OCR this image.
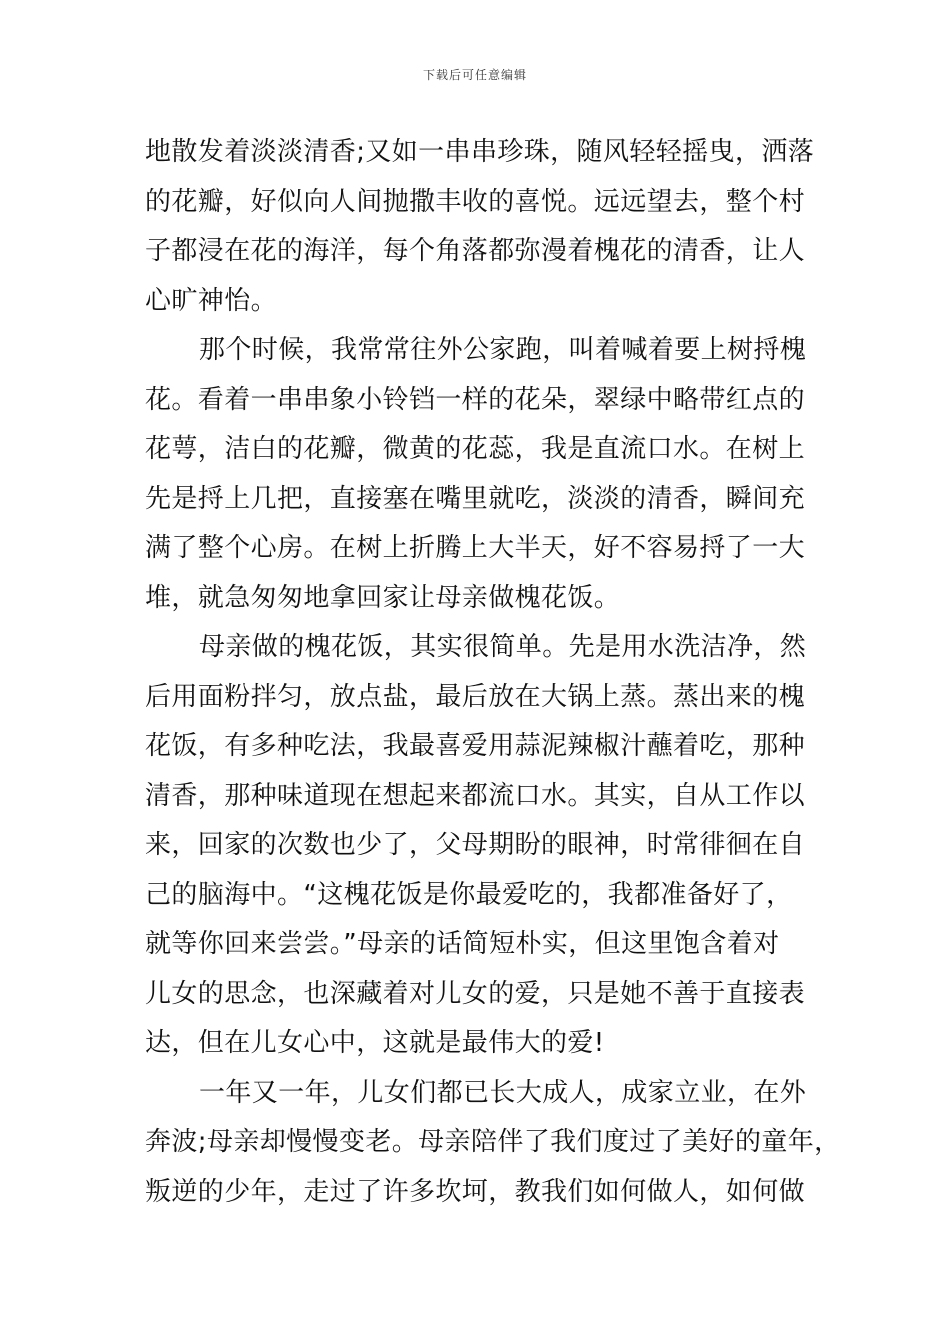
下载后可任意编辑
地散发着淡淡清香;又如一串串珍珠，随风轻轻摇曳，洒落
的花瓣，好似向人间抛撒丰收的喜悦。远远望去，整个村
子都浸在花的海洋，每个角落都弥漫着槐花的清香，让人
心旷神怡。
那个时候，我常常往外公家跑，叫着喊着要上树捋槐
花。看着一串串象小铃铛一样的花朵，翠绿中略带红点的
花萼，洁白的花瓣，微黄的花蕊，我是直流口水。在树上
先是捋上几把，直接塞在嘴里就吃，淡淡的清香，瞬间充
满了整个心房。在树上折腾上大半天，好不容易捋了一大
堆，就急匆匆地拿回家让母亲做槐花饭。
母亲做的槐花饭，其实很简单。先是用水洗洁净，然
后用面粉拌匀，放点盐，最后放在大锅上蒸。蒸出来的槐
花饭，有多种吃法，我最喜爱用蒜泥辣椒汁蘸着吃，那种
清香，那种味道现在想起来都流口水。其实，自从工作以
来，回家的次数也少了，父母期盼的眼神，时常徘徊在自
己的脑海中。“这槐花饭是你最爱吃的，我都准备好了，
就等你回来尝尝。”母亲的话简短朴实，但这里饱含着对
儿女的思念，也深藏着对儿女的爱，只是她不善于直接表
达，但在儿女心中，这就是最伟大的爱!
一年又一年，儿女们都已长大成人，成家立业，在外
奔波;母亲却慢慢变老。母亲陪伴了我们度过了美好的童年，
叛逆的少年，走过了许多坎坷，教我们如何做人，如何做
